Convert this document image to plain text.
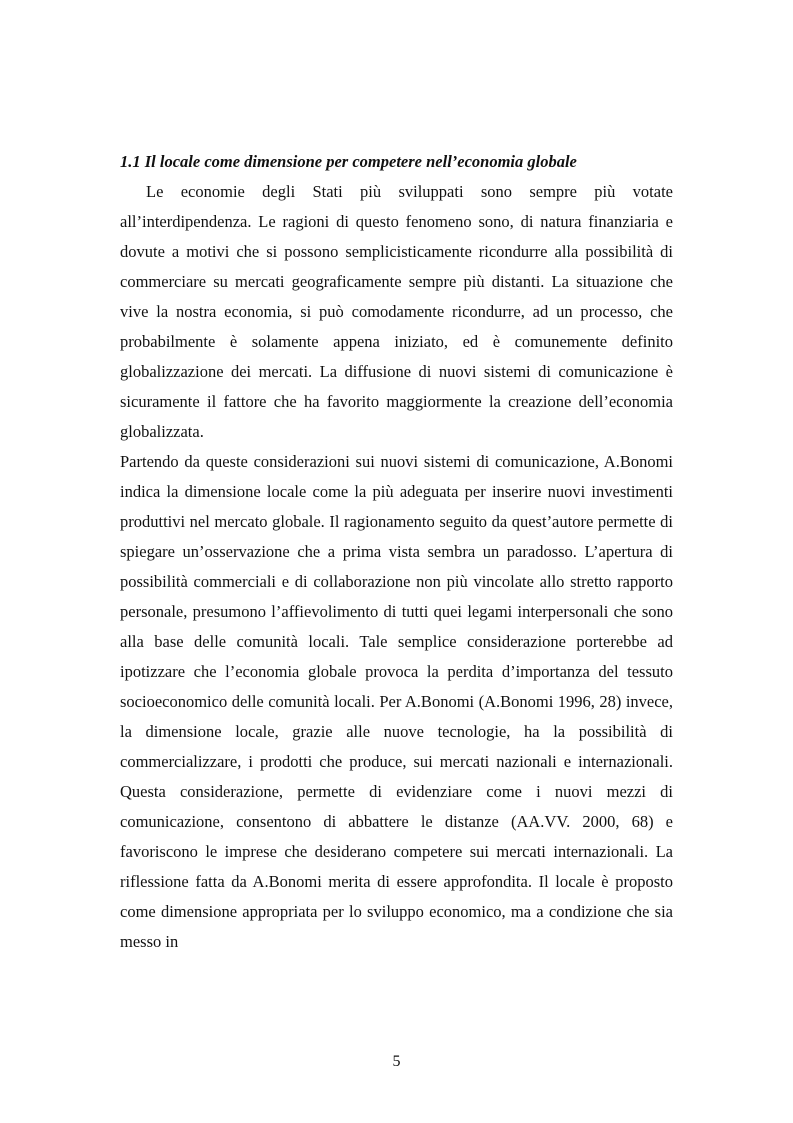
1.1 Il locale come dimensione per competere nell’economia globale

Le economie degli Stati più sviluppati sono sempre più votate all’interdipendenza. Le ragioni di questo fenomeno sono, di natura finanziaria e dovute a motivi che si possono semplicisticamente ricondurre alla possibilità di commerciare su mercati geograficamente sempre più distanti. La situazione che vive la nostra economia, si può comodamente ricondurre, ad un processo, che probabilmente è solamente appena iniziato, ed è comunemente definito globalizzazione dei mercati. La diffusione di nuovi sistemi di comunicazione è sicuramente il fattore che ha favorito maggiormente la creazione dell’economia globalizzata.

Partendo da queste considerazioni sui nuovi sistemi di comunicazione, A.Bonomi indica la dimensione locale come la più adeguata per inserire nuovi investimenti produttivi nel mercato globale. Il ragionamento seguito da quest’autore permette di spiegare un’osservazione che a prima vista sembra un paradosso. L’apertura di possibilità commerciali e di collaborazione non più vincolate allo stretto rapporto personale, presumono l’affievolimento di tutti quei legami interpersonali che sono alla base delle comunità locali. Tale semplice considerazione porterebbe ad ipotizzare che l’economia globale provoca la perdita d’importanza del tessuto socioeconomico delle comunità locali. Per A.Bonomi (A.Bonomi 1996, 28) invece, la dimensione locale, grazie alle nuove tecnologie, ha la possibilità di commercializzare, i prodotti che produce, sui mercati nazionali e internazionali. Questa considerazione, permette di evidenziare come i nuovi mezzi di comunicazione, consentono di abbattere le distanze (AA.VV. 2000, 68) e favoriscono le imprese che desiderano competere sui mercati internazionali. La riflessione fatta da A.Bonomi merita di essere approfondita. Il locale è proposto come dimensione appropriata per lo sviluppo economico, ma a condizione che sia messo in

5
